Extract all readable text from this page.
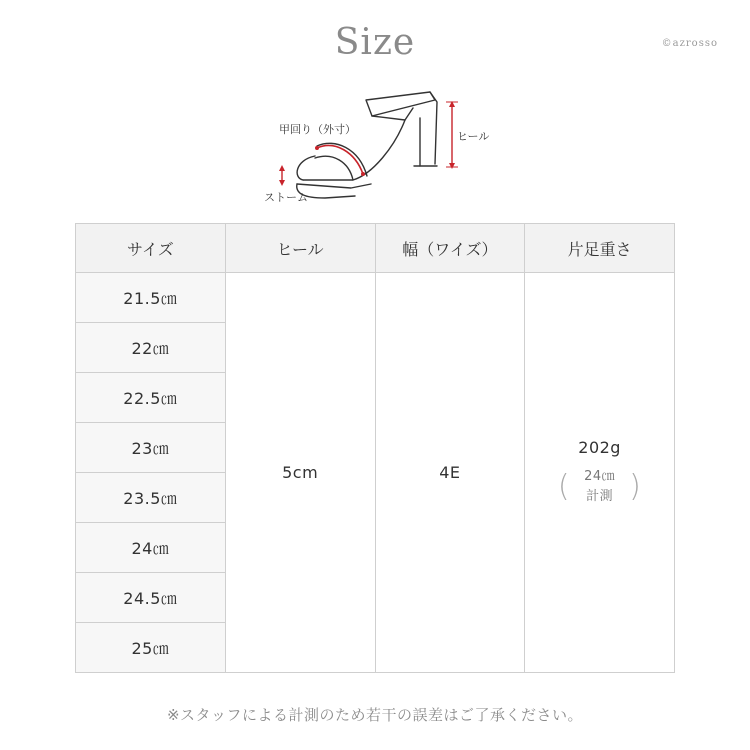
Size	©azrosso
甲回り（外寸）
ヒール
ストーム
サイズ	ヒール	幅（ワイズ）	片足重さ
21.5㎝	5cm	4E	202g
( 24㎝
計測 )

22㎝			
22.5㎝			
23㎝			
23.5㎝			
24㎝			
24.5㎝			
25㎝			
※スタッフによる計測のため若干の誤差はご了承ください。
